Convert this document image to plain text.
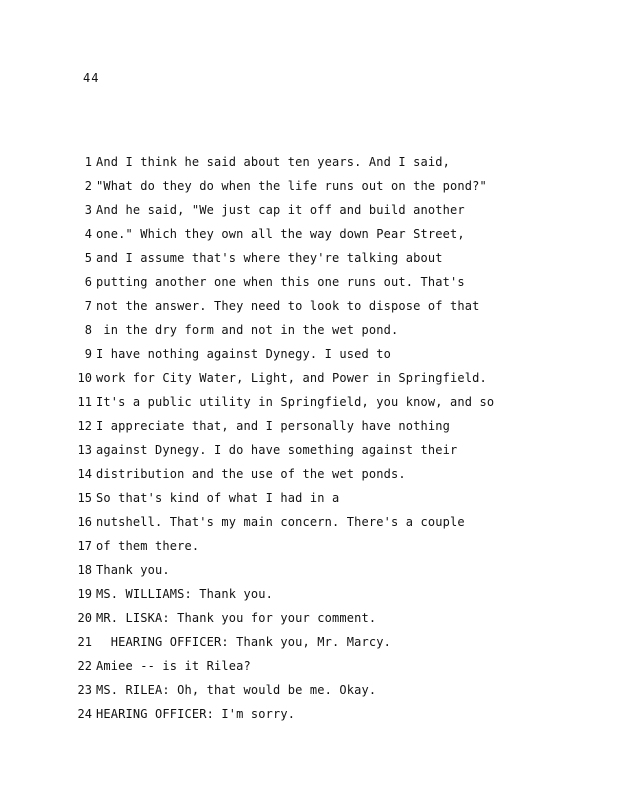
44
1 And I think he said about ten years. And I said,
2 "What do they do when the life runs out on the pond?"
3 And he said, "We just cap it off and build another
4 one." Which they own all the way down Pear Street,
5 and I assume that's where they're talking about
6 putting another one when this one runs out. That's
7 not the answer. They need to look to dispose of that
8 in the dry form and not in the wet pond.
9 I have nothing against Dynegy. I used to
10 work for City Water, Light, and Power in Springfield.
11 It's a public utility in Springfield, you know, and so
12 I appreciate that, and I personally have nothing
13 against Dynegy. I do have something against their
14 distribution and the use of the wet ponds.
15 So that's kind of what I had in a
16 nutshell. That's my main concern. There's a couple
17 of them there.
18 Thank you.
19 MS. WILLIAMS: Thank you.
20 MR. LISKA: Thank you for your comment.
21 HEARING OFFICER: Thank you, Mr. Marcy.
22 Amiee -- is it Rilea?
23 MS. RILEA: Oh, that would be me. Okay.
24 HEARING OFFICER: I'm sorry.
